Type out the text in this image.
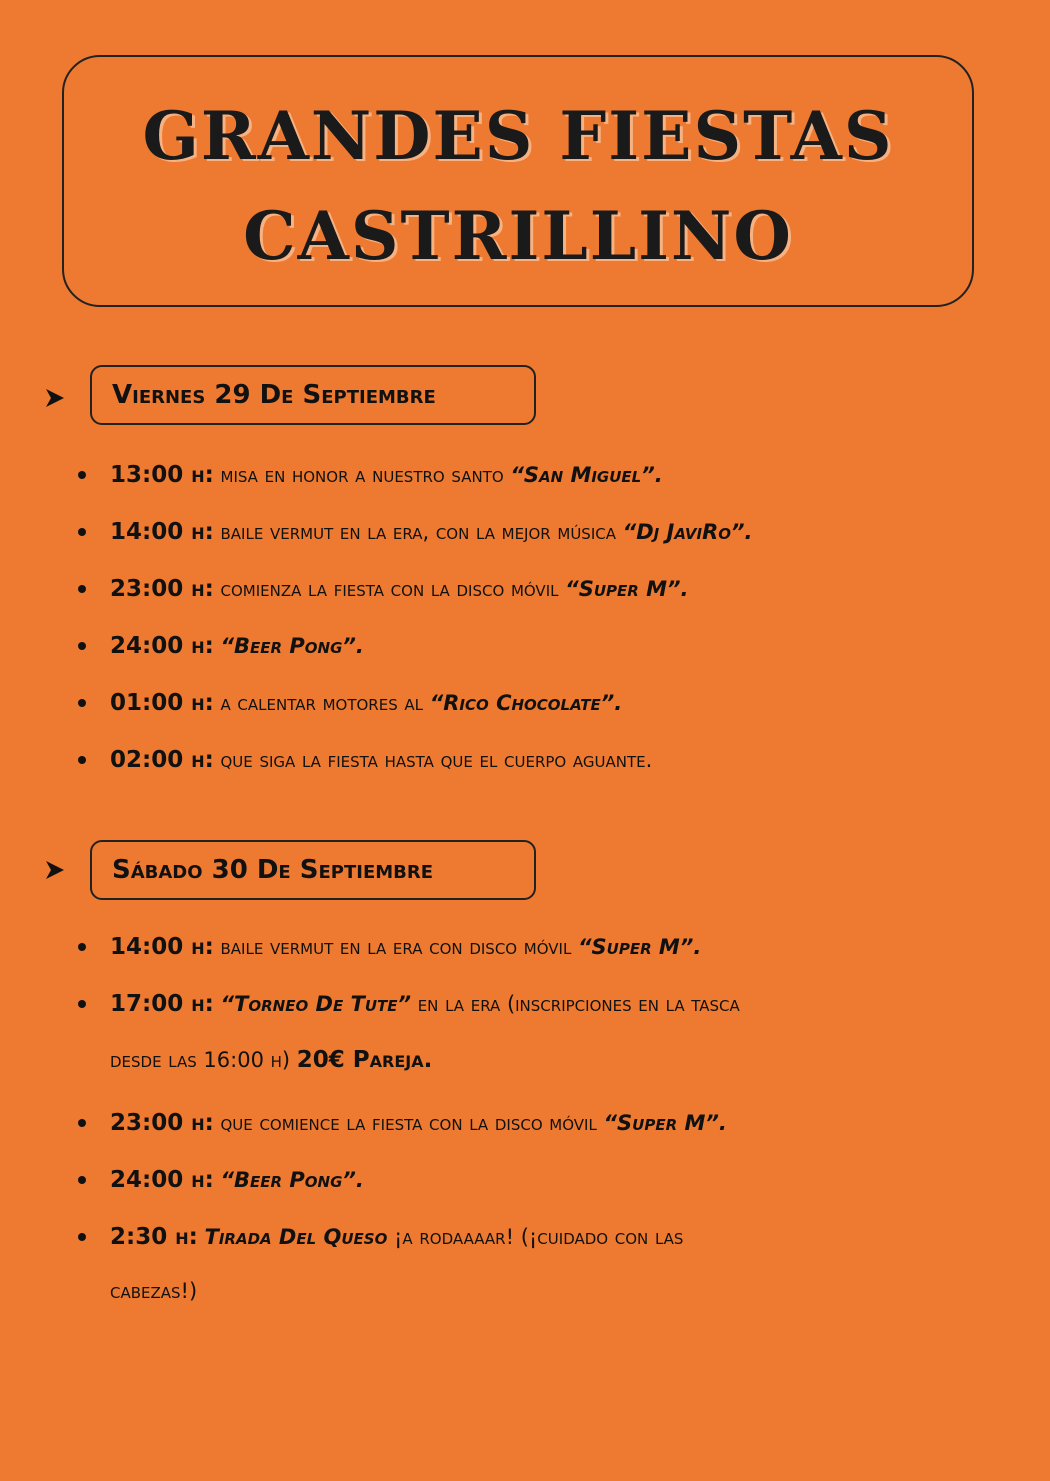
GRANDES FIESTAS
CASTRILLINO
Viernes 29 De Septiembre
13:00 h: misa en honor a nuestro santo “San Miguel”.
14:00 h: baile vermut en la era, con la mejor música “Dj JaviRo”.
23:00 h: comienza la fiesta con la disco móvil “Super M”.
24:00 h: “Beer Pong”.
01:00 h: a calentar motores al “Rico Chocolate”.
02:00 h: que siga la fiesta hasta que el cuerpo aguante.
Sábado 30 De Septiembre
14:00 h: baile vermut en la era con disco móvil “Super M”.
17:00 h: “Torneo De Tute” en la era (inscripciones en la tasca
desde las 16:00 h) 20€ Pareja.
23:00 h: que comience la fiesta con la disco móvil “Super M”.
24:00 h: “Beer Pong”.
2:30 h: Tirada Del Queso ¡a rodaaaar! (¡cuidado con las
cabezas!)
